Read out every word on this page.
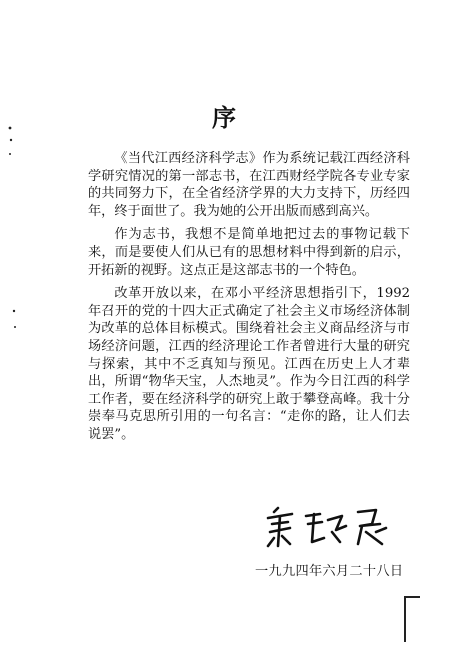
序

《当代江西经济科学志》作为系统记载江西经济科学研究情况的第一部志书，在江西财经学院各专业专家的共同努力下，在全省经济学界的大力支持下，历经四年，终于面世了。我为她的公开出版而感到高兴。

作为志书，我想不是简单地把过去的事物记载下来，而是要使人们从已有的思想材料中得到新的启示，开拓新的视野。这点正是这部志书的一个特色。

改革开放以来，在邓小平经济思想指引下，1992 年召开的党的十四大正式确定了社会主义市场经济体制为改革的总体目标模式。围绕着社会主义商品经济与市场经济问题，江西的经济理论工作者曾进行大量的研究与探索，其中不乏真知与预见。江西在历史上人才辈出，所谓“物华天宝，人杰地灵”。作为今日江西的科学工作者，要在经济科学的研究上敢于攀登高峰。我十分崇奉马克思所引用的一句名言：“走你的路，让人们去说罢”。

一九九四年六月二十八日
